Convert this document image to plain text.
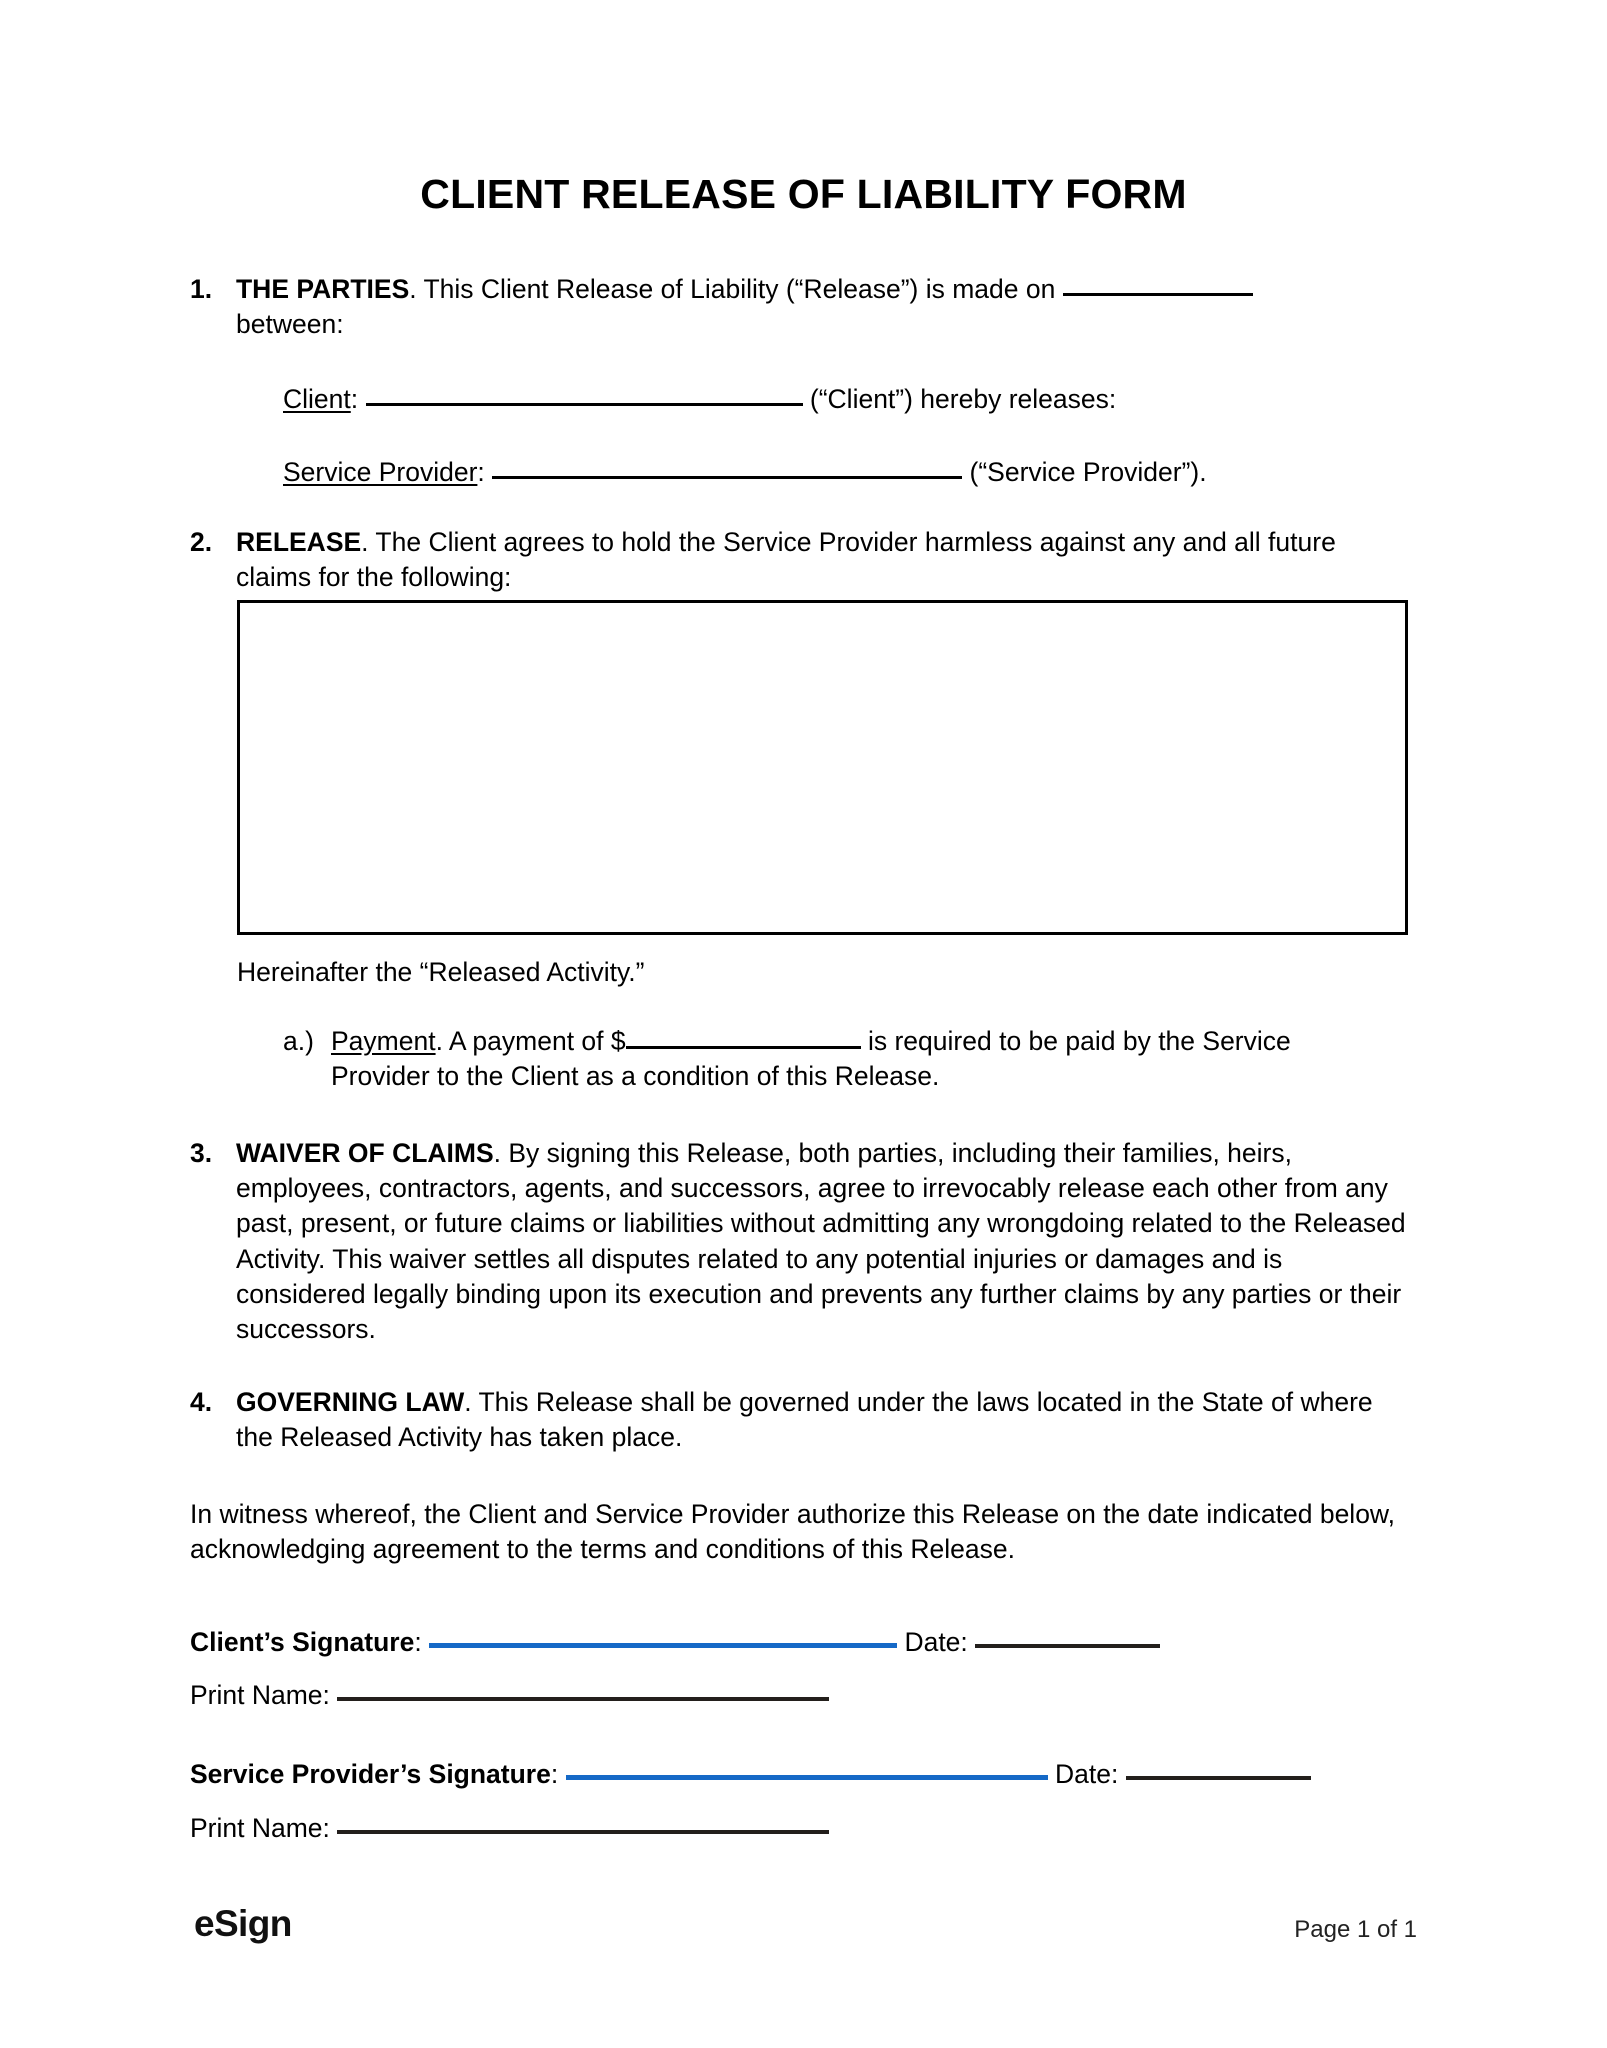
CLIENT RELEASE OF LIABILITY FORM
1. THE PARTIES. This Client Release of Liability (“Release”) is made on
between:
Client:	(“Client”) hereby releases:
Service Provider:	(“Service Provider”).
2. RELEASE. The Client agrees to hold the Service Provider harmless against any and all future claims for the following:
Hereinafter the “Released Activity.”
a.) Payment. A payment of $	is required to be paid by the Service Provider to the Client as a condition of this Release.
3. WAIVER OF CLAIMS. By signing this Release, both parties, including their families, heirs, employees, contractors, agents, and successors, agree to irrevocably release each other from any past, present, or future claims or liabilities without admitting any wrongdoing related to the Released Activity. This waiver settles all disputes related to any potential injuries or damages and is considered legally binding upon its execution and prevents any further claims by any parties or their successors.
4. GOVERNING LAW. This Release shall be governed under the laws located in the State of where the Released Activity has taken place.
In witness whereof, the Client and Service Provider authorize this Release on the date indicated below, acknowledging agreement to the terms and conditions of this Release.
Client’s Signature:	Date:
Print Name:
Service Provider’s Signature:	Date:
Print Name:
eSign	Page 1 of 1
